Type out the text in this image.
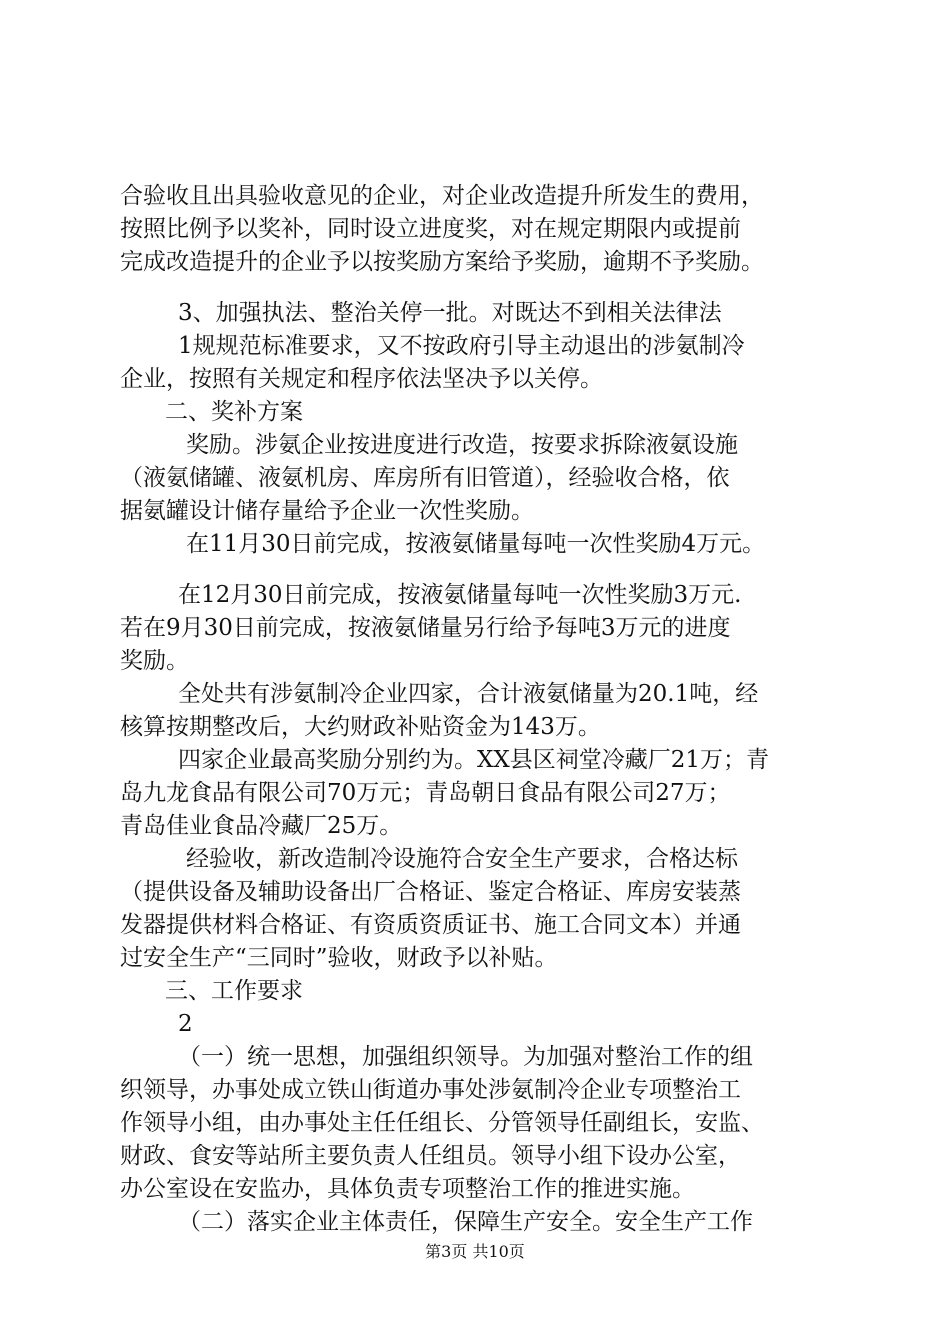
合验收且出具验收意见的企业，对企业改造提升所发生的费用，

按照比例予以奖补，同时设立进度奖，对在规定期限内或提前

完成改造提升的企业予以按奖励方案给予奖励，逾期不予奖励。

3、加强执法、整治关停一批。对既达不到相关法律法

1规规范标准要求，又不按政府引导主动退出的涉氨制冷

企业，按照有关规定和程序依法坚决予以关停。

二、奖补方案

奖励。涉氨企业按进度进行改造，按要求拆除液氨设施

（液氨储罐、液氨机房、库房所有旧管道），经验收合格，依

据氨罐设计储存量给予企业一次性奖励。

在11月30日前完成，按液氨储量每吨一次性奖励4万元。

在12月30日前完成，按液氨储量每吨一次性奖励3万元.

若在9月30日前完成，按液氨储量另行给予每吨3万元的进度

奖励。

全处共有涉氨制冷企业四家，合计液氨储量为20.1吨，经

核算按期整改后，大约财政补贴资金为143万。

四家企业最高奖励分别约为。XX县区祠堂冷藏厂21万；青

岛九龙食品有限公司70万元；青岛朝日食品有限公司27万；

青岛佳业食品冷藏厂25万。

经验收，新改造制冷设施符合安全生产要求，合格达标

（提供设备及辅助设备出厂合格证、鉴定合格证、库房安装蒸

发器提供材料合格证、有资质资质证书、施工合同文本）并通

过安全生产“三同时”验收，财政予以补贴。

三、工作要求

2

（一）统一思想，加强组织领导。为加强对整治工作的组

织领导，办事处成立铁山街道办事处涉氨制冷企业专项整治工

作领导小组，由办事处主任任组长、分管领导任副组长，安监、

财政、食安等站所主要负责人任组员。领导小组下设办公室，

办公室设在安监办，具体负责专项整治工作的推进实施。

（二）落实企业主体责任，保障生产安全。安全生产工作

第3页 共10页
